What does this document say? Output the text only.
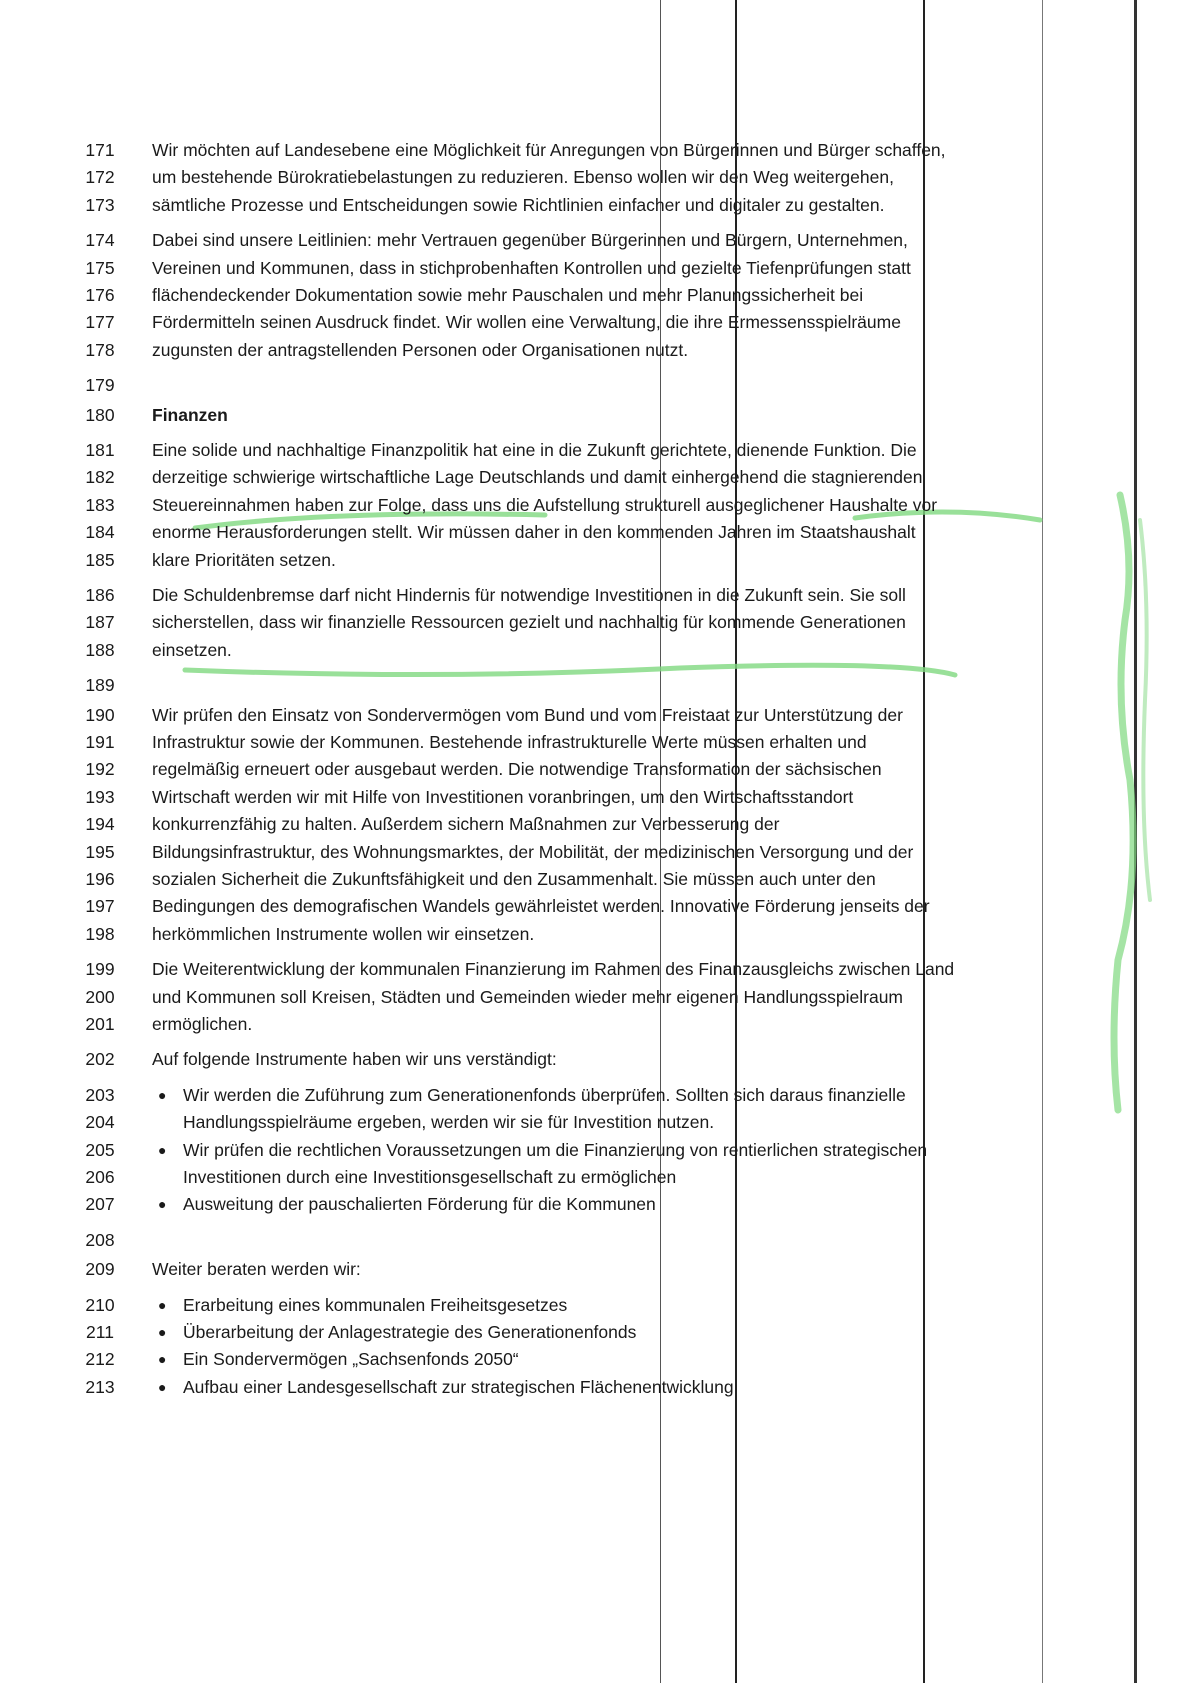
171	Wir möchten auf Landesebene eine Möglichkeit für Anregungen von Bürgerinnen und Bürger schaffen,
172	um bestehende Bürokratiebelastungen zu reduzieren. Ebenso wollen wir den Weg weitergehen,
173	sämtliche Prozesse und Entscheidungen sowie Richtlinien einfacher und digitaler zu gestalten.
174	Dabei sind unsere Leitlinien: mehr Vertrauen gegenüber Bürgerinnen und Bürgern, Unternehmen,
175	Vereinen und Kommunen, dass in stichprobenhaften Kontrollen und gezielte Tiefenprüfungen statt
176	flächendeckender Dokumentation sowie mehr Pauschalen und mehr Planungssicherheit bei
177	Fördermitteln seinen Ausdruck findet. Wir wollen eine Verwaltung, die ihre Ermessensspielräume
178	zugunsten der antragstellenden Personen oder Organisationen nutzt.
179
180	Finanzen
181	Eine solide und nachhaltige Finanzpolitik hat eine in die Zukunft gerichtete, dienende Funktion. Die
182	derzeitige schwierige wirtschaftliche Lage Deutschlands und damit einhergehend die stagnierenden
183	Steuereinnahmen haben zur Folge, dass uns die Aufstellung strukturell ausgeglichener Haushalte vor
184	enorme Herausforderungen stellt. Wir müssen daher in den kommenden Jahren im Staatshaushalt
185	klare Prioritäten setzen.
186	Die Schuldenbremse darf nicht Hindernis für notwendige Investitionen in die Zukunft sein. Sie soll
187	sicherstellen, dass wir finanzielle Ressourcen gezielt und nachhaltig für kommende Generationen
188	einsetzen.
189
190	Wir prüfen den Einsatz von Sondervermögen vom Bund und vom Freistaat zur Unterstützung der
191	Infrastruktur sowie der Kommunen. Bestehende infrastrukturelle Werte müssen erhalten und
192	regelmäßig erneuert oder ausgebaut werden. Die notwendige Transformation der sächsischen
193	Wirtschaft werden wir mit Hilfe von Investitionen voranbringen, um den Wirtschaftsstandort
194	konkurrenzfähig zu halten. Außerdem sichern Maßnahmen zur Verbesserung der
195	Bildungsinfrastruktur, des Wohnungsmarktes, der Mobilität, der medizinischen Versorgung und der
196	sozialen Sicherheit die Zukunftsfähigkeit und den Zusammenhalt. Sie müssen auch unter den
197	Bedingungen des demografischen Wandels gewährleistet werden. Innovative Förderung jenseits der
198	herkömmlichen Instrumente wollen wir einsetzen.
199	Die Weiterentwicklung der kommunalen Finanzierung im Rahmen des Finanzausgleichs zwischen Land
200	und Kommunen soll Kreisen, Städten und Gemeinden wieder mehr eigenen Handlungsspielraum
201	ermöglichen.
202	Auf folgende Instrumente haben wir uns verständigt:
203	Wir werden die Zuführung zum Generationenfonds überprüfen. Sollten sich daraus finanzielle
●
204	Handlungsspielräume ergeben, werden wir sie für Investition nutzen.
205	Wir prüfen die rechtlichen Voraussetzungen um die Finanzierung von rentierlichen strategischen
●
206	Investitionen durch eine Investitionsgesellschaft zu ermöglichen
207	Ausweitung der pauschalierten Förderung für die Kommunen
●
208
209	Weiter beraten werden wir:
210	Erarbeitung eines kommunalen Freiheitsgesetzes
●
211	Überarbeitung der Anlagestrategie des Generationenfonds
●
212	Ein Sondervermögen „Sachsenfonds 2050“
●
213	Aufbau einer Landesgesellschaft zur strategischen Flächenentwicklung
●
